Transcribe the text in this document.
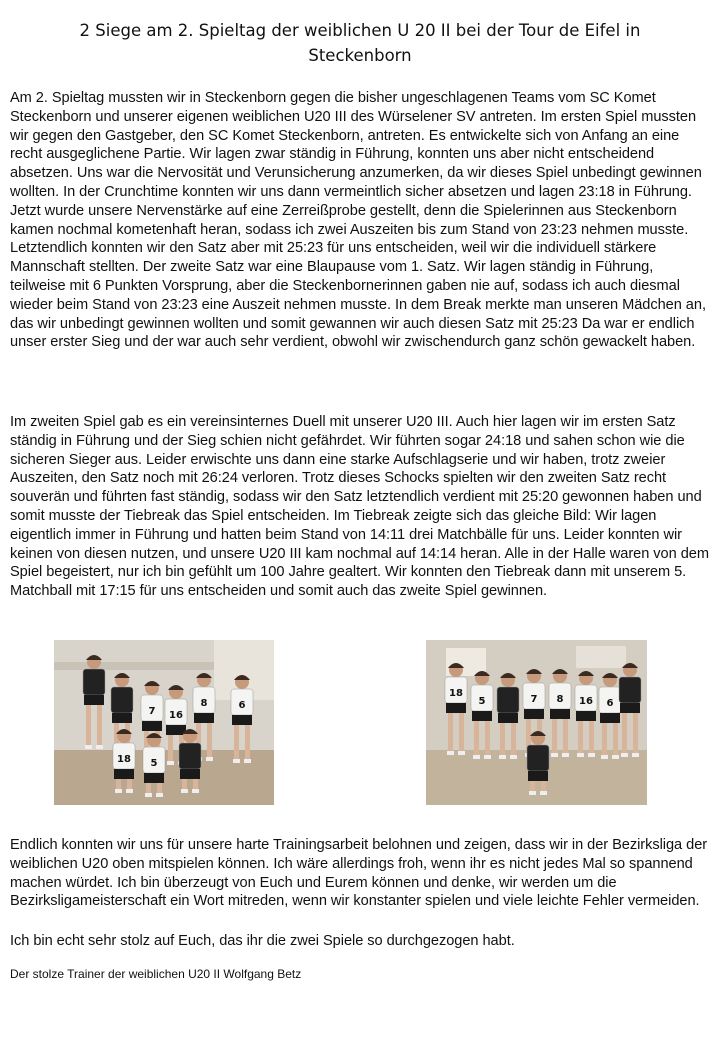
2 Siege am 2. Spieltag der weiblichen U 20 II bei der Tour de Eifel in Steckenborn

Am 2. Spieltag mussten wir in Steckenborn gegen die bisher ungeschlagenen Teams vom SC Komet Steckenborn und unserer eigenen weiblichen U20 III des Würselener SV antreten. Im ersten Spiel mussten wir gegen den Gastgeber, den SC Komet Steckenborn, antreten. Es entwickelte sich von Anfang an eine recht ausgeglichene Partie. Wir lagen zwar ständig in Führung, konnten uns aber nicht entscheidend absetzen. Uns war die Nervosität und Verunsicherung anzumerken, da wir dieses Spiel unbedingt gewinnen wollten. In der Crunchtime konnten wir uns dann vermeintlich sicher absetzen und lagen 23:18 in Führung. Jetzt wurde unsere Nervenstärke auf eine Zerreißprobe gestellt, denn die Spielerinnen aus Steckenborn kamen nochmal kometenhaft heran, sodass ich zwei Auszeiten bis zum Stand von 23:23 nehmen musste. Letztendlich konnten wir den Satz aber mit 25:23 für uns entscheiden, weil wir die individuell stärkere Mannschaft stellten. Der zweite Satz war eine Blaupause vom 1. Satz. Wir lagen ständig in Führung, teilweise mit 6 Punkten Vorsprung, aber die Steckenbornerinnen gaben nie auf, sodass ich auch diesmal wieder beim Stand von 23:23 eine Auszeit nehmen musste. In dem Break merkte man unseren Mädchen an, das wir unbedingt gewinnen wollten und somit gewannen wir auch diesen Satz mit 25:23 Da war er endlich unser erster Sieg und der war auch sehr verdient, obwohl wir zwischendurch ganz schön gewackelt haben.

Im zweiten Spiel gab es ein vereinsinternes Duell mit unserer U20 III. Auch hier lagen wir im ersten Satz ständig in Führung und der Sieg schien nicht gefährdet. Wir führten sogar 24:18 und sahen schon wie die sicheren Sieger aus. Leider erwischte uns dann eine starke Aufschlagserie und wir haben, trotz zweier Auszeiten, den Satz noch mit 26:24 verloren. Trotz dieses Schocks spielten wir den zweiten Satz recht souverän und führten fast ständig, sodass wir den Satz letztendlich verdient mit 25:20 gewonnen haben und somit musste der Tiebreak das Spiel entscheiden. Im Tiebreak zeigte sich das gleiche Bild: Wir lagen eigentlich immer in Führung und hatten beim Stand von 14:11 drei Matchbälle für uns. Leider konnten wir keinen von diesen nutzen, und unsere U20 III kam nochmal auf 14:14 heran. Alle in der Halle waren von dem Spiel begeistert, nur ich bin gefühlt um 100 Jahre gealtert. Wir konnten den Tiebreak dann mit unserem 5. Matchball mit 17:15 für uns entscheiden und somit auch das zweite Spiel gewinnen.

7 16
8	6
18 5
18
5	7 8 16 6

Endlich konnten wir uns für unsere harte Trainingsarbeit belohnen und zeigen, dass wir in der Bezirksliga der weiblichen U20 oben mitspielen können. Ich wäre allerdings froh, wenn ihr es nicht jedes Mal so spannend machen würdet. Ich bin überzeugt von Euch und Eurem können und denke, wir werden um die Bezirksligameisterschaft ein Wort mitreden, wenn wir konstanter spielen und viele leichte Fehler vermeiden.

Ich bin echt sehr stolz auf Euch, das ihr die zwei Spiele so durchgezogen habt.

Der stolze Trainer der weiblichen U20 II Wolfgang Betz
